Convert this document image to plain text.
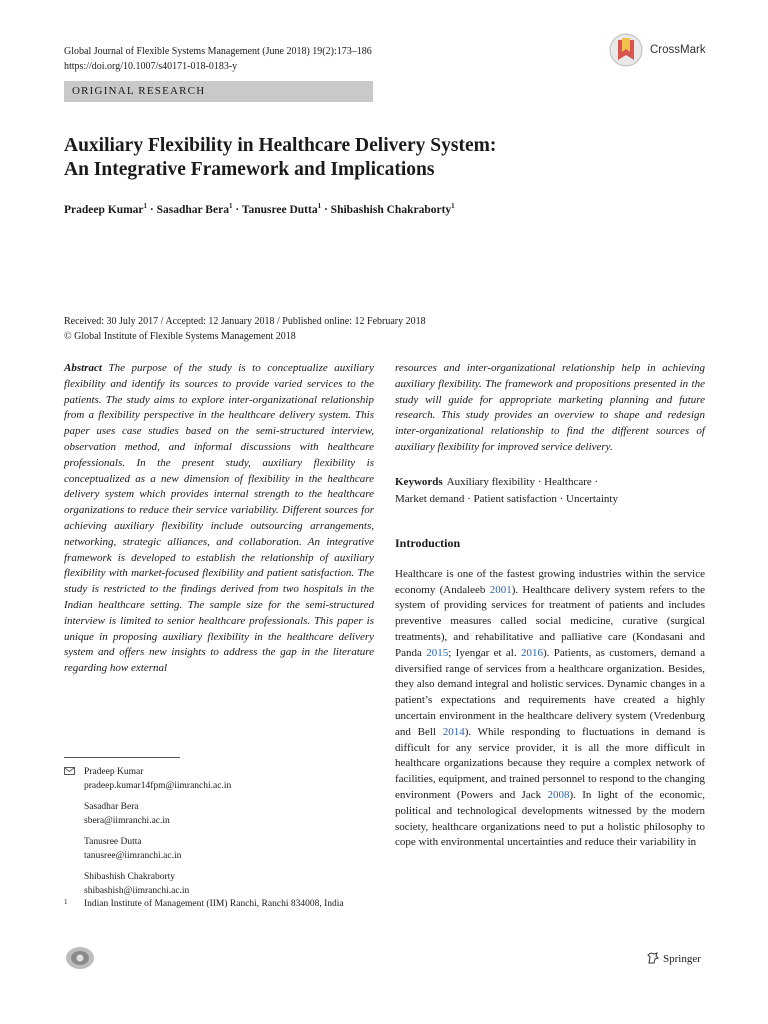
Global Journal of Flexible Systems Management (June 2018) 19(2):173–186
https://doi.org/10.1007/s40171-018-0183-y
CrossMark
ORIGINAL RESEARCH
Auxiliary Flexibility in Healthcare Delivery System:
An Integrative Framework and Implications
Pradeep Kumar$^1$ · Sasadhar Bera$^1$ · Tanusree Dutta$^1$ · Shibashish Chakraborty$^1$
Received: 30 July 2017 / Accepted: 12 January 2018 / Published online: 12 February 2018
© Global Institute of Flexible Systems Management 2018

Abstract The purpose of the study is to conceptualize auxiliary flexibility and identify its sources to provide varied services to the patients. The study aims to explore inter-organizational relationship from a flexibility perspective in the healthcare delivery system. This paper uses case studies based on the semi-structured interview, observation method, and informal discussions with healthcare professionals. In the present study, auxiliary flexibility is conceptualized as a new dimension of flexibility in the healthcare delivery system which provides internal strength to the healthcare organizations to reduce their service variability. Different sources for achieving auxiliary flexibility include outsourcing arrangements, networking, strategic alliances, and collaboration. An integrative framework is developed to establish the relationship of auxiliary flexibility with market-focused flexibility and patient satisfaction. The study is restricted to the findings derived from two hospitals in the Indian healthcare setting. The sample size for the semi-structured interview is limited to senior healthcare professionals. This paper is unique in proposing auxiliary flexibility in the healthcare delivery system and offers new insights to address the gap in the literature regarding how external

resources and inter-organizational relationship help in achieving auxiliary flexibility. The framework and propositions presented in the study will guide for appropriate marketing planning and future research. This study provides an overview to shape and redesign inter-organizational relationship to find the different sources of auxiliary flexibility for improved service delivery.

Keywords Auxiliary flexibility · Healthcare ·
Market demand · Patient satisfaction · Uncertainty
Introduction
Healthcare is one of the fastest growing industries within the service economy (Andaleeb 2001). Healthcare delivery system refers to the system of providing services for treatment of patients and includes preventive measures called social medicine, curative (surgical treatments), and rehabilitative and palliative care (Kondasani and Panda 2015; Iyengar et al. 2016). Patients, as customers, demand a diversified range of services from a healthcare organization. Besides, they also demand integral and holistic services. Dynamic changes in a patient’s expectations and requirements have created a highly uncertain environment in the healthcare delivery system (Vredenburg and Bell 2014). While responding to fluctuations in demand is difficult for any service provider, it is all the more difficult in healthcare organizations because they require a complex network of facilities, equipment, and trained personnel to respond to the changing environment (Powers and Jack 2008). In light of the economic, political and technological developments witnessed by the modern society, healthcare organizations need to put a holistic philosophy to cope with environmental uncertainties and reduce their variability in
Pradeep Kumar
pradeep.kumar14fpm@iimranchi.ac.in
Sasadhar Bera
sbera@iimranchi.ac.in
Tanusree Dutta
tanusree@iimranchi.ac.in
Shibashish Chakraborty
shibashish@iimranchi.ac.in
1 Indian Institute of Management (IIM) Ranchi, Ranchi 834008, India
Springer
